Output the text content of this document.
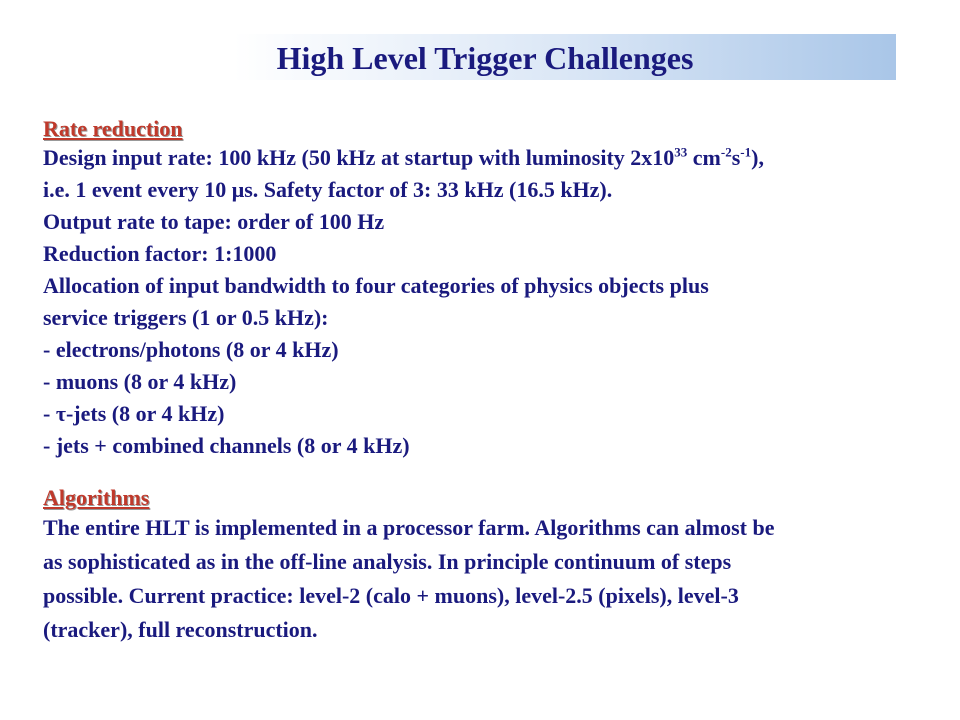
High Level Trigger Challenges
Rate reduction
Design input rate: 100 kHz (50 kHz at startup with luminosity $2x10^{33}$ $cm^{-2}s^{-1}$),
i.e. 1 event every 10 μs. Safety factor of 3: 33 kHz (16.5 kHz).
Output rate to tape: order of 100 Hz
Reduction factor: 1:1000
Allocation of input bandwidth to four categories of physics objects plus
service triggers (1 or 0.5 kHz):
- electrons/photons (8 or 4 kHz)
- muons (8 or 4 kHz)
- τ-jets (8 or 4 kHz)
- jets + combined channels (8 or 4 kHz)
Algorithms
The entire HLT is implemented in a processor farm. Algorithms can almost be
as sophisticated as in the off-line analysis. In principle continuum of steps
possible. Current practice: level-2 (calo + muons), level-2.5 (pixels), level-3
(tracker), full reconstruction.
